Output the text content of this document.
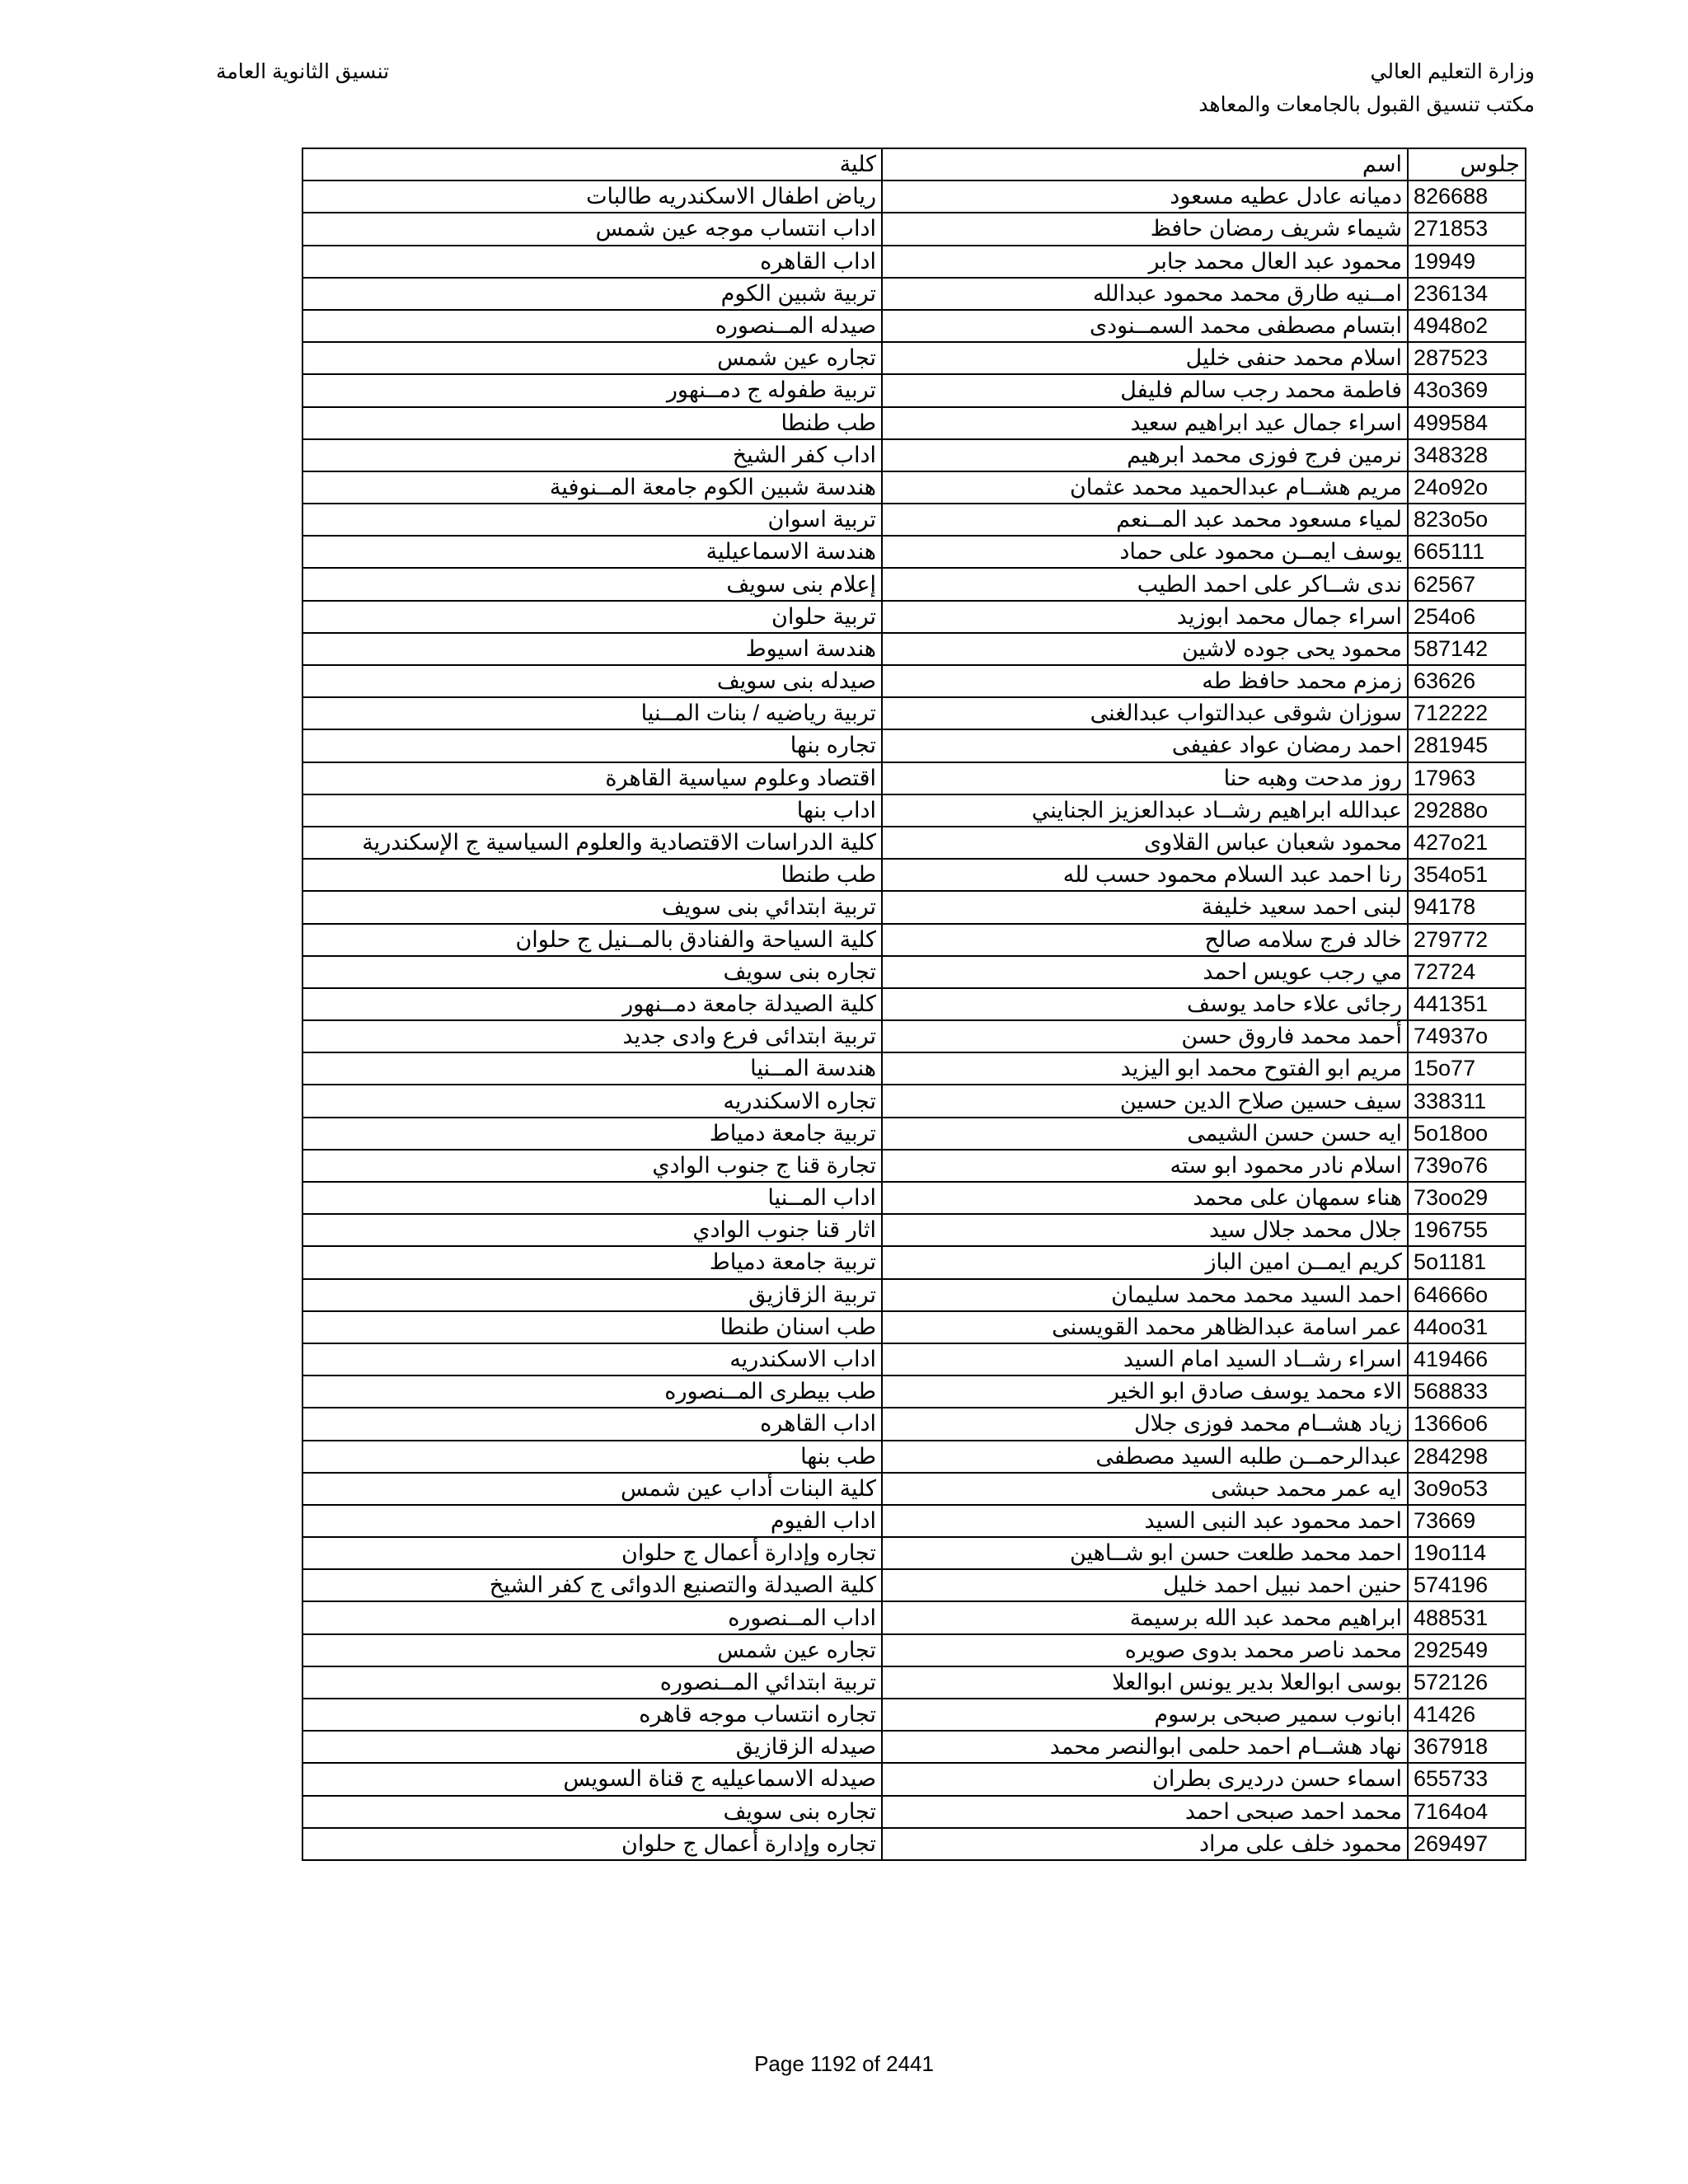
وزارة التعليم العالي
مكتب تنسيق القبول بالجامعات والمعاهد
تنسيق الثانوية العامة
جلوس	اسم	كلية
826688	دميانه عادل عطيه مسعود	رياض اطفال الاسكندريه طالبات
271853	شيماء شريف رمضان حافظ	اداب انتساب موجه عين شمس
19949	محمود عبد العال محمد جابر	اداب القاهره
236134	امــنيه طارق محمد محمود عبدالله	تربية شبين الكوم
4948o2	ابتسام مصطفى محمد السمــنودى	صيدله المــنصوره
287523	اسلام محمد حنفى خليل	تجاره عين شمس
43o369	فاطمة محمد رجب سالم فليفل	تربية طفوله ج دمــنهور
499584	اسراء جمال عيد ابراهيم سعيد	طب طنطا
348328	نرمين فرج فوزى محمد ابرهيم	اداب كفر الشيخ
24o92o	مريم هشــام عبدالحميد محمد عثمان	هندسة شبين الكوم جامعة المــنوفية
823o5o	لمياء مسعود محمد عبد المــنعم	تربية اسوان
665111	يوسف ايمــن محمود على حماد	هندسة الاسماعيلية
62567	ندى شــاكر على احمد الطيب	إعلام بنى سويف
254o6	اسراء جمال محمد ابوزيد	تربية حلوان
587142	محمود يحى جوده لاشين	هندسة اسيوط
63626	زمزم محمد حافظ طه	صيدله بنى سويف
712222	سوزان شوقى عبدالتواب عبدالغنى	تربية رياضيه / بنات المــنيا
281945	احمد رمضان عواد عفيفى	تجاره بنها
17963	روز مدحت وهبه حنا	اقتصاد وعلوم سياسية القاهرة
29288o	عبدالله ابراهيم رشــاد عبدالعزيز الجنايني	اداب بنها
427o21	محمود شعبان عباس القلاوى	كلية الدراسات الاقتصادية والعلوم السياسية ج الإسكندرية
354o51	رنا احمد عبد السلام محمود حسب لله	طب طنطا
94178	لبنى احمد سعيد خليفة	تربية ابتدائي بنى سويف
279772	خالد فرج سلامه صالح	كلية السياحة والفنادق بالمــنيل ج حلوان
72724	مي رجب عويس احمد	تجاره بنى سويف
441351	رجائى علاء حامد يوسف	كلية الصيدلة جامعة دمــنهور
74937o	أحمد محمد فاروق حسن	تربية ابتدائى فرع وادى جديد
15o77	مريم ابو الفتوح محمد ابو اليزيد	هندسة المــنيا
338311	سيف حسين صلاح الدين حسين	تجاره الاسكندريه
5o18oo	ايه حسن حسن الشيمى	تربية جامعة دمياط
739o76	اسلام نادر محمود ابو سته	تجارة قنا ج جنوب الوادي
73oo29	هناء سمهان على محمد	اداب المــنيا
196755	جلال محمد جلال سيد	اثار قنا جنوب الوادي
5o1181	كريم ايمــن امين الباز	تربية جامعة دمياط
64666o	احمد السيد محمد محمد سليمان	تربية الزقازيق
44oo31	عمر اسامة عبدالظاهر محمد القويسنى	طب اسنان طنطا
419466	اسراء رشــاد السيد امام السيد	اداب الاسكندريه
568833	الاء محمد يوسف صادق ابو الخير	طب بيطرى المــنصوره
1366o6	زياد هشــام محمد فوزى جلال	اداب القاهره
284298	عبدالرحمــن طلبه السيد مصطفى	طب بنها
3o9o53	ايه عمر محمد حبشى	كلية البنات أداب عين شمس
73669	احمد محمود عبد النبى السيد	اداب الفيوم
19o114	احمد محمد طلعت حسن ابو شــاهين	تجاره وإدارة أعمال ج حلوان
574196	حنين احمد نبيل احمد خليل	كلية الصيدلة والتصنيع الدوائى ج كفر الشيخ
488531	ابراهيم محمد عبد الله برسيمة	اداب المــنصوره
292549	محمد ناصر محمد بدوى صويره	تجاره عين شمس
572126	بوسى ابوالعلا بدير يونس ابوالعلا	تربية ابتدائي المــنصوره
41426	ابانوب سمير صبحى برسوم	تجاره انتساب موجه قاهره
367918	نهاد هشــام احمد حلمى ابوالنصر محمد	صيدله الزقازيق
655733	اسماء حسن درديرى بطران	صيدله الاسماعيليه ج قناة السويس
7164o4	محمد احمد صبحى احمد	تجاره بنى سويف
269497	محمود خلف على مراد	تجاره وإدارة أعمال ج حلوان
Page 1192 of 2441
